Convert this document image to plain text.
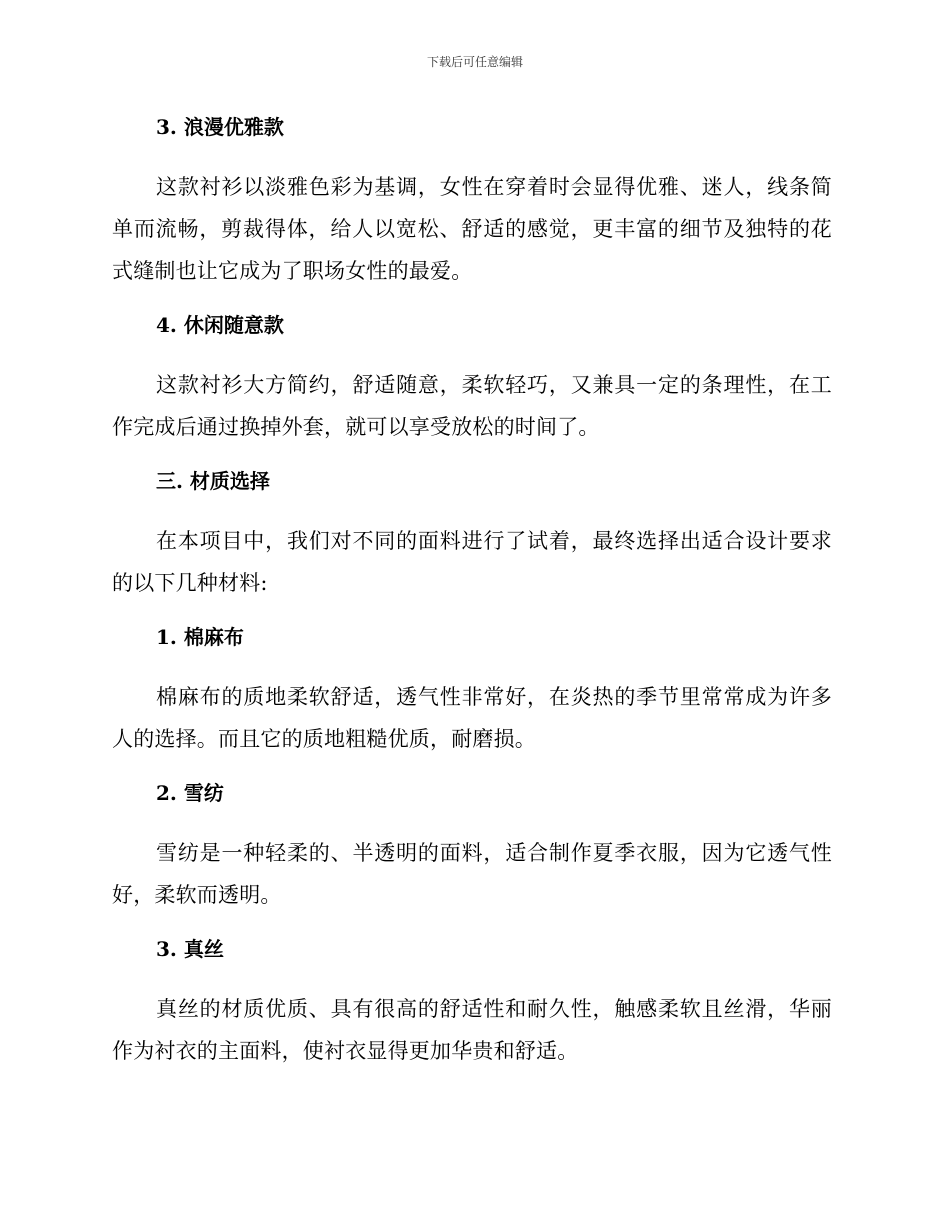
下载后可任意编辑
3. 浪漫优雅款

这款衬衫以淡雅色彩为基调，女性在穿着时会显得优雅、迷人，线条简单而流畅，剪裁得体，给人以宽松、舒适的感觉，更丰富的细节及独特的花式缝制也让它成为了职场女性的最爱。

4. 休闲随意款

这款衬衫大方简约，舒适随意，柔软轻巧，又兼具一定的条理性，在工作完成后通过换掉外套，就可以享受放松的时间了。

三. 材质选择

在本项目中，我们对不同的面料进行了试着，最终选择出适合设计要求的以下几种材料:

1. 棉麻布

棉麻布的质地柔软舒适，透气性非常好，在炎热的季节里常常成为许多人的选择。而且它的质地粗糙优质，耐磨损。

2. 雪纺

雪纺是一种轻柔的、半透明的面料，适合制作夏季衣服，因为它透气性好，柔软而透明。

3. 真丝

真丝的材质优质、具有很高的舒适性和耐久性，触感柔软且丝滑，华丽作为衬衣的主面料，使衬衣显得更加华贵和舒适。
